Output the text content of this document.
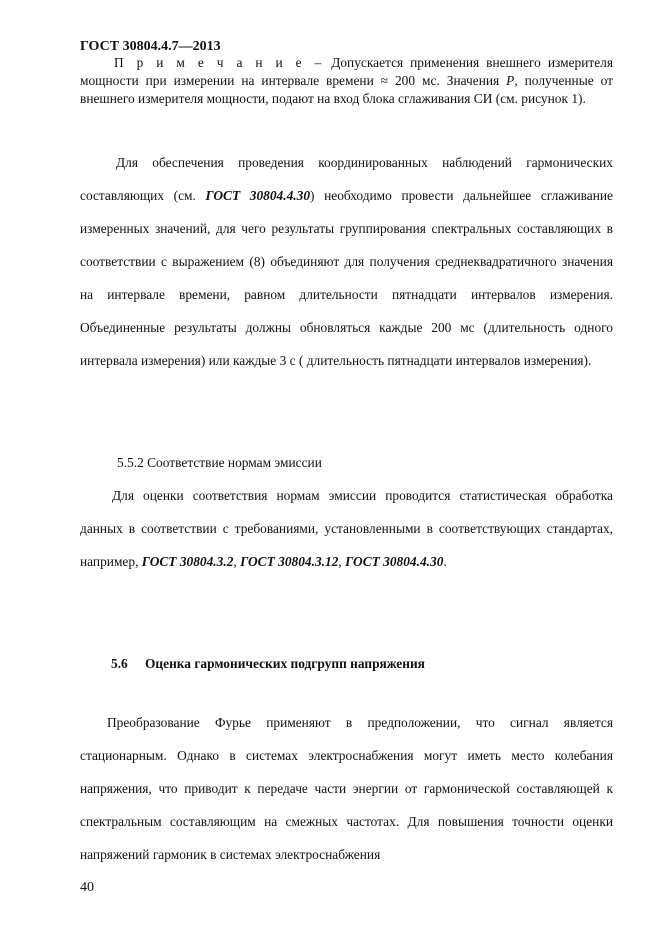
ГОСТ 30804.4.7—2013
П р и м е ч а н и е – Допускается применения внешнего измерителя мощности при измерении на интервале времени ≈ 200 мс. Значения P, полученные от внешнего измерителя мощности, подают на вход блока сглаживания СИ (см. рисунок 1).
Для обеспечения проведения координированных наблюдений гармонических составляющих (см. ГОСТ 30804.4.30) необходимо провести дальнейшее сглаживание измеренных значений, для чего результаты группирования спектральных составляющих в соответствии с выражением (8) объединяют для получения среднеквадратичного значения на интервале времени, равном длительности пятнадцати интервалов измерения. Объединенные результаты должны обновляться каждые 200 мс (длительность одного интервала измерения) или каждые 3 с ( длительность пятнадцати интервалов измерения).
5.5.2 Соответствие нормам эмиссии
Для оценки соответствия нормам эмиссии проводится статистическая обработка данных в соответствии с требованиями, установленными в соответствующих стандартах, например, ГОСТ 30804.3.2, ГОСТ 30804.3.12, ГОСТ 30804.4.30.
5.6 Оценка гармонических подгрупп напряжения
Преобразование Фурье применяют в предположении, что сигнал является стационарным. Однако в системах электроснабжения могут иметь место колебания напряжения, что приводит к передаче части энергии от гармонической составляющей к спектральным составляющим на смежных частотах. Для повышения точности оценки напряжений гармоник в системах электроснабжения
40
